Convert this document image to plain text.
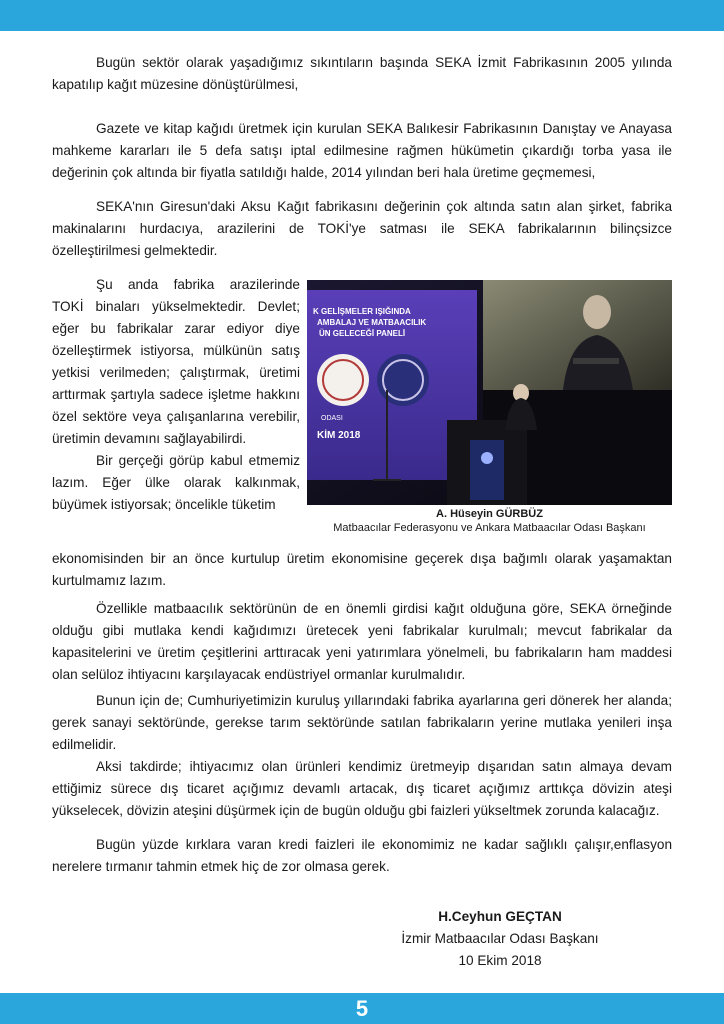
Bugün sektör olarak yaşadığımız sıkıntıların başında SEKA İzmit Fabrikasının 2005 yılında kapatılıp kağıt müzesine dönüştürülmesi,

Gazete ve kitap kağıdı üretmek için kurulan SEKA Balıkesir Fabrikasının Danıştay ve Anayasa mahkeme kararları ile 5 defa satışı iptal edilmesine rağmen hükümetin çıkardığı torba yasa ile değerinin çok altında bir fiyatla satıldığı halde, 2014 yılından beri hala üretime geçmemesi,

SEKA'nın Giresun'daki Aksu Kağıt fabrikasını değerinin çok altında satın alan şirket, fabrika makinalarını hurdacıya, arazilerini de TOKİ'ye satması ile SEKA fabrikalarının bilinçsizce özelleştirilmesi gelmektedir.

Şu anda fabrika arazilerinde TOKİ binaları yükselmektedir. Devlet; eğer bu fabrikalar zarar ediyor diye özelleştirmek istiyorsa, mülkünün satış yetkisi verilmeden; çalıştırmak, üretimi arttırmak şartıyla sadece işletme hakkını özel sektöre veya çalışanlarına verebilir, üretimin devamını sağlayabilirdi.

Bir gerçeği görüp kabul etmemiz lazım. Eğer ülke olarak kalkınmak, büyümek istiyorsak; öncelikle tüketim

K GELİŞMELER IŞIĞINDA
AMBALAJ VE MATBAACILIK
ÜN GELECEĞİ PANELİ
ODASI
KİM 2018
A. Hüseyin GÜRBÜZ
Matbaacılar Federasyonu ve Ankara Matbaacılar Odası Başkanı

ekonomisinden bir an önce kurtulup üretim ekonomisine geçerek dışa bağımlı olarak yaşamaktan kurtulmamız lazım.

Özellikle matbaacılık sektörünün de en önemli girdisi kağıt olduğuna göre, SEKA örneğinde olduğu gibi mutlaka kendi kağıdımızı üretecek yeni fabrikalar kurulmalı; mevcut fabrikalar da kapasitelerini ve üretim çeşitlerini arttıracak yeni yatırımlara yönelmeli, bu fabrikaların ham maddesi olan selüloz ihtiyacını karşılayacak endüstriyel ormanlar kurulmalıdır.

Bunun için de; Cumhuriyetimizin kuruluş yıllarındaki fabrika ayarlarına geri dönerek her alanda; gerek sanayi sektöründe, gerekse tarım sektöründe satılan fabrikaların yerine mutlaka yenileri inşa edilmelidir.

Aksi takdirde; ihtiyacımız olan ürünleri kendimiz üretmeyip dışarıdan satın almaya devam ettiğimiz sürece dış ticaret açığımız devamlı artacak, dış ticaret açığımız arttıkça dövizin ateşi yükselecek, dövizin ateşini düşürmek için de bugün olduğu gbi faizleri yükseltmek zorunda kalacağız.

Bugün yüzde kırklara varan kredi faizleri ile ekonomimiz ne kadar sağlıklı çalışır,enflasyon nerelere tırmanır tahmin etmek hiç de zor olmasa gerek.

H.Ceyhun GEÇTAN
İzmir Matbaacılar Odası Başkanı
10 Ekim 2018
5
